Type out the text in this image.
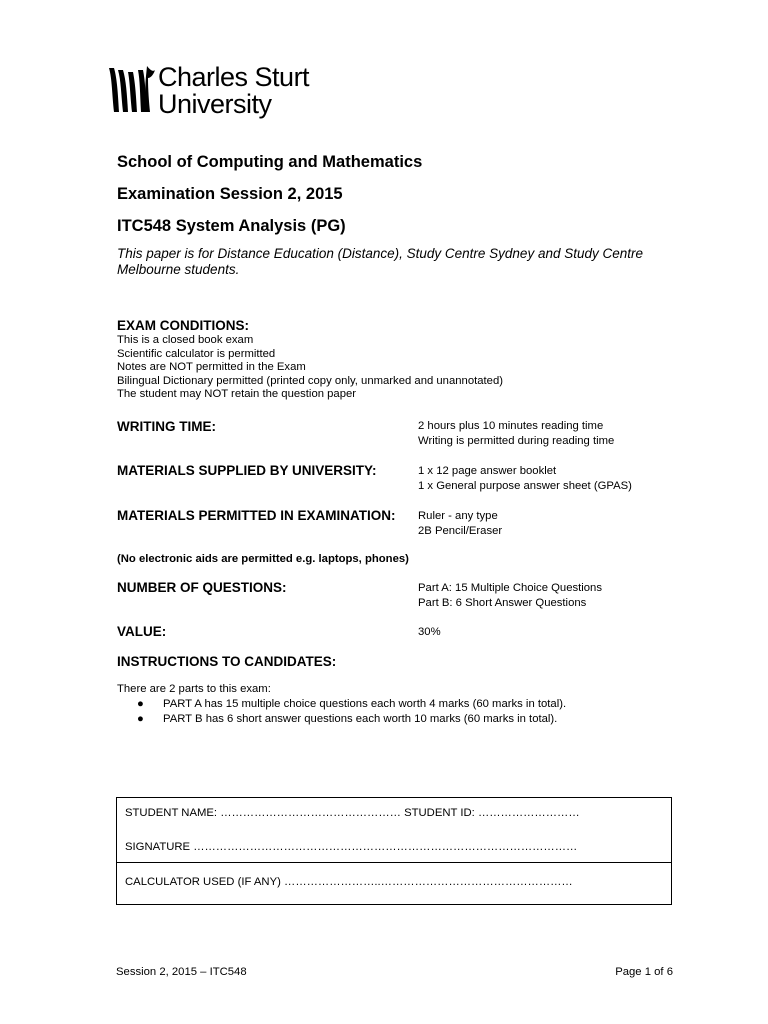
Charles Sturt
University
School of Computing and Mathematics
Examination Session 2, 2015
ITC548 System Analysis (PG)
This paper is for Distance Education (Distance), Study Centre Sydney and Study Centre Melbourne students.
EXAM CONDITIONS:
This is a closed book exam
Scientific calculator is permitted
Notes are NOT permitted in the Exam
Bilingual Dictionary permitted (printed copy only, unmarked and unannotated)
The student may NOT retain the question paper
WRITING TIME:	2 hours plus 10 minutes reading time
Writing is permitted during reading time
MATERIALS SUPPLIED BY UNIVERSITY:	1 x 12 page answer booklet
1 x General purpose answer sheet (GPAS)
MATERIALS PERMITTED IN EXAMINATION: Ruler - any type
2B Pencil/Eraser
(No electronic aids are permitted e.g. laptops, phones)
NUMBER OF QUESTIONS:	Part A: 15 Multiple Choice Questions
Part B: 6 Short Answer Questions
VALUE:	30%
INSTRUCTIONS TO CANDIDATES:
There are 2 parts to this exam:
● PART A has 15 multiple choice questions each worth 4 marks (60 marks in total).
● PART B has 6 short answer questions each worth 10 marks (60 marks in total).
STUDENT NAME: ………………………………………… STUDENT ID: ………………………
SIGNATURE …………………………………………………………………………………………
CALCULATOR USED (IF ANY) ……………………..……………………………………………
Session 2, 2015 – ITC548	Page 1 of 6
